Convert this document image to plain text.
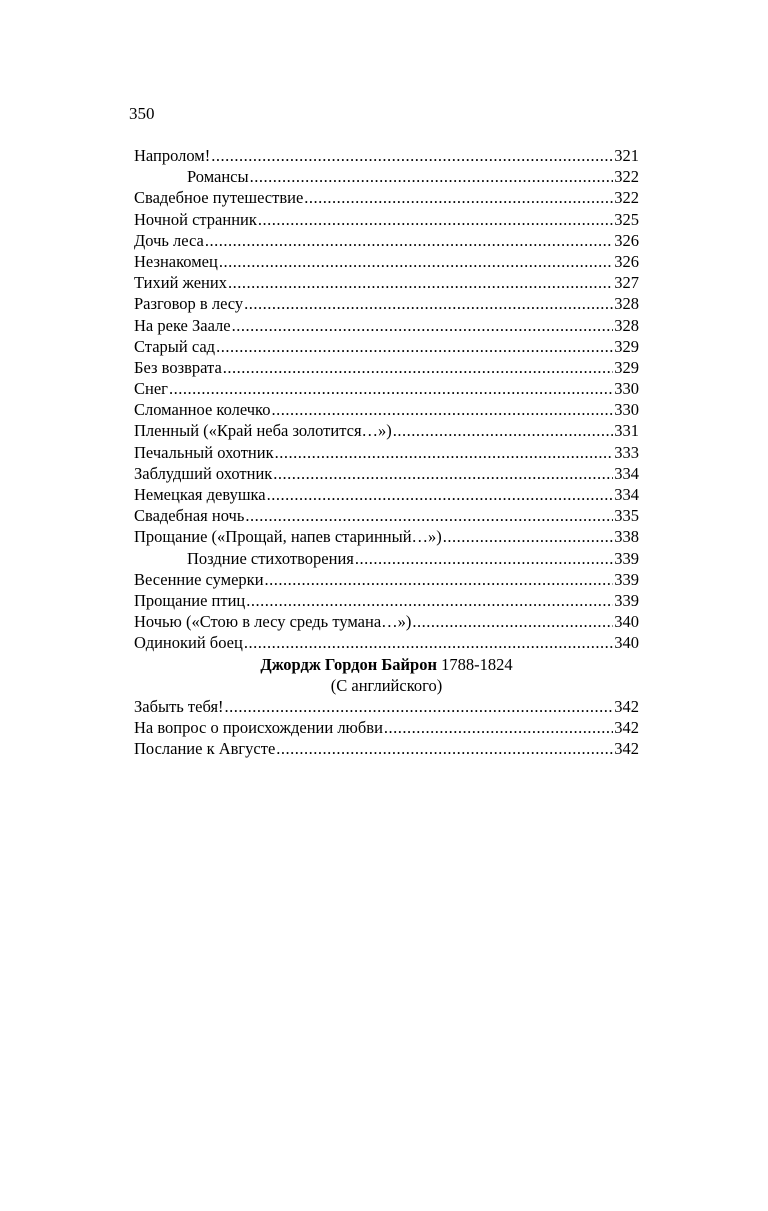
350
Напролом! .....	321
Романсы .....	322
Свадебное путешествие .....	322
Ночной странник .....	325
Дочь леса .....	326
Незнакомец .....	326
Тихий жених .....	327
Разговор в лесу .....	328
На реке Заале .....	328
Старый сад .....	329
Без возврата .....	329
Снег .....	330
Сломанное колечко .....	330
Пленный («Край неба золотится…») .....	331
Печальный охотник .....	333
Заблудший охотник .....	334
Немецкая девушка .....	334
Свадебная ночь .....	335
Прощание («Прощай, напев старинный…») .....	338
Поздние стихотворения .....	339
Весенние сумерки .....	339
Прощание птиц .....	339
Ночью («Стою в лесу средь тумана…») .....	340
Одинокий боец .....	340
Джордж Гордон Байрон 1788-1824
(С английского)
Забыть тебя! .....	342
На вопрос о происхождении любви .....	342
Послание к Августе .....	342
